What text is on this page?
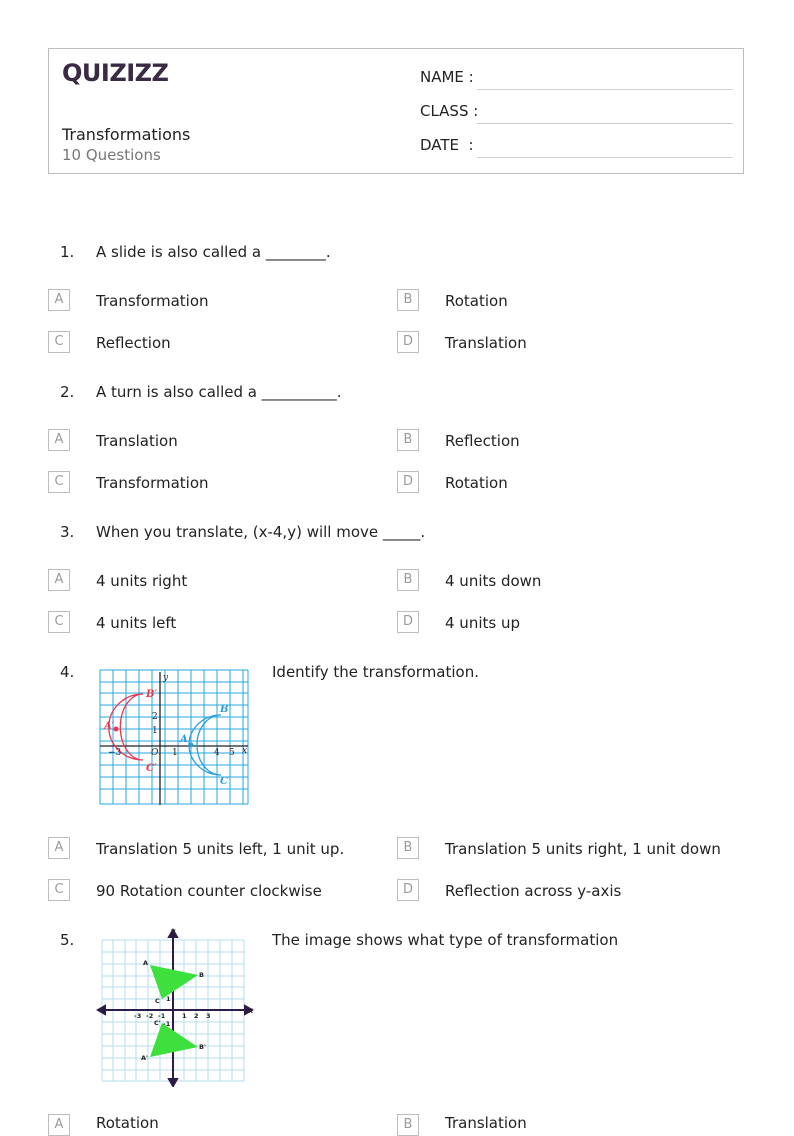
QUIZIZZ
Transformations
10 Questions
NAME :
CLASS :
DATE  :
1. A slide is also called a ________.
A	Transformation	B	Rotation
C	Reflection	D	Translation
2. A turn is also called a __________.
A	Translation	B	Reflection
C	Transformation	D	Rotation
3. When you translate, (x-4,y) will move _____.
A	4 units right	B	4 units down
C	4 units left	D	4 units up
4.	Identify the transformation.
B′
A′
C′
A
B
C
y
x
O
−3	1	4 5
2
1
A	Translation 5 units left, 1 unit up.	B	Translation 5 units right, 1 unit down
C	90 Rotation counter clockwise	D	Reflection across y-axis
5.	The image shows what type of transformation
A
B
C
A'
B'
C'
X
Y
1 2 3
-1
-2
-3
1
-1
A	Rotation	B	Translation
